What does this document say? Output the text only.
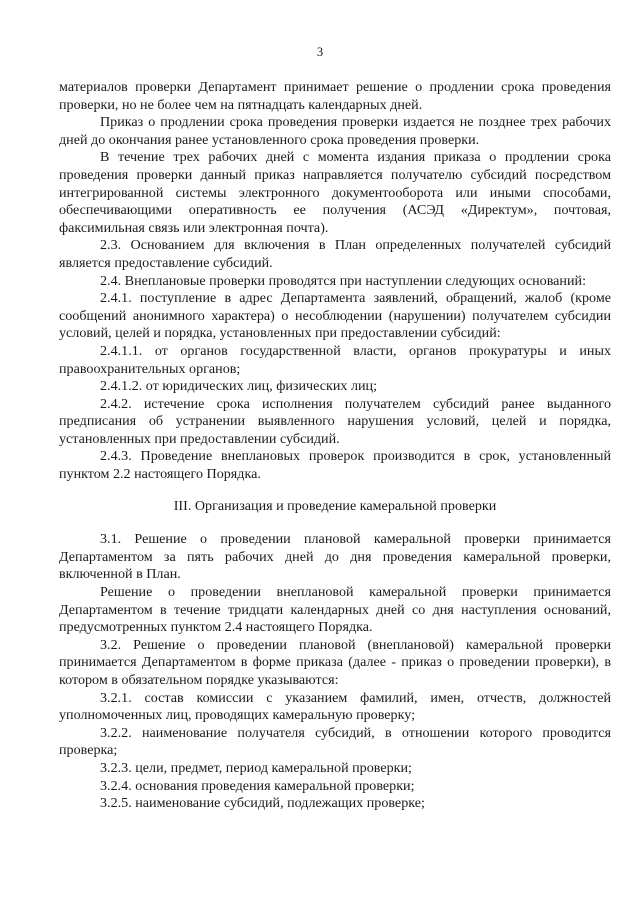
3

материалов проверки Департамент принимает решение о продлении срока проведения проверки, но не более чем на пятнадцать календарных дней.

Приказ о продлении срока проведения проверки издается не позднее трех рабочих дней до окончания ранее установленного срока проведения проверки.

В течение трех рабочих дней с момента издания приказа о продлении срока проведения проверки данный приказ направляется получателю субсидий посредством интегрированной системы электронного документооборота или иными способами, обеспечивающими оперативность ее получения (АСЭД «Директум», почтовая, факсимильная связь или электронная почта).

2.3. Основанием для включения в План определенных получателей субсидий является предоставление субсидий.

2.4. Внеплановые проверки проводятся при наступлении следующих оснований:

2.4.1. поступление в адрес Департамента заявлений, обращений, жалоб (кроме сообщений анонимного характера) о несоблюдении (нарушении) получателем субсидии условий, целей и порядка, установленных при предоставлении субсидий:

2.4.1.1. от органов государственной власти, органов прокуратуры и иных правоохранительных органов;

2.4.1.2. от юридических лиц, физических лиц;

2.4.2. истечение срока исполнения получателем субсидий ранее выданного предписания об устранении выявленного нарушения условий, целей и порядка, установленных при предоставлении субсидий.

2.4.3. Проведение внеплановых проверок производится в срок, установленный пунктом 2.2 настоящего Порядка.

III. Организация и проведение камеральной проверки

3.1. Решение о проведении плановой камеральной проверки принимается Департаментом за пять рабочих дней до дня проведения камеральной проверки, включенной в План.

Решение о проведении внеплановой камеральной проверки принимается Департаментом в течение тридцати календарных дней со дня наступления оснований, предусмотренных пунктом 2.4 настоящего Порядка.

3.2. Решение о проведении плановой (внеплановой) камеральной проверки принимается Департаментом в форме приказа (далее - приказ о проведении проверки), в котором в обязательном порядке указываются:

3.2.1. состав комиссии с указанием фамилий, имен, отчеств, должностей уполномоченных лиц, проводящих камеральную проверку;

3.2.2. наименование получателя субсидий, в отношении которого проводится проверка;

3.2.3. цели, предмет, период камеральной проверки;

3.2.4. основания проведения камеральной проверки;

3.2.5. наименование субсидий, подлежащих проверке;
